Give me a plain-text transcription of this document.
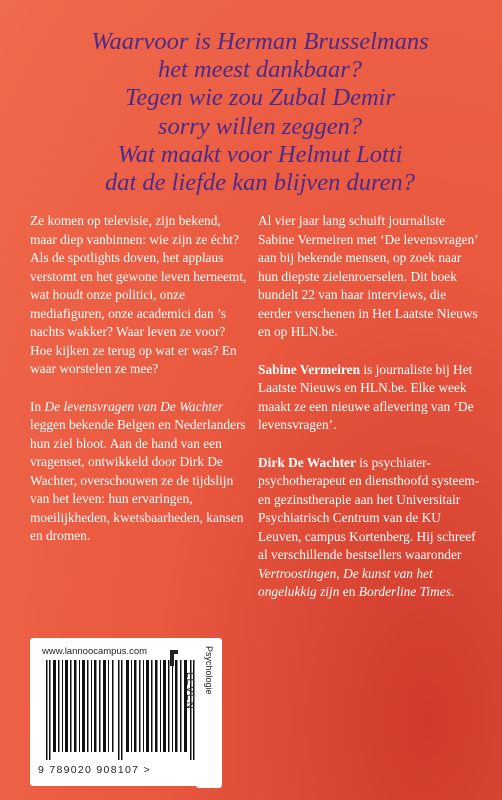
Waarvoor is Herman Brusselmans
het meest dankbaar?
Tegen wie zou Zubal Demir
sorry willen zeggen?
Wat maakt voor Helmut Lotti
dat de liefde kan blijven duren?

Ze komen op televisie, zijn bekend, maar diep vanbinnen: wie zijn ze écht? Als de spotlights doven, het applaus verstomt en het gewone leven herneemt, wat houdt onze politici, onze mediafiguren, onze academici dan ’s nachts wakker? Waar leven ze voor? Hoe kijken ze terug op wat er was? En waar worstelen ze mee?

In De levensvragen van De Wachter leggen bekende Belgen en Nederlanders hun ziel bloot. Aan de hand van een vragenset, ontwikkeld door Dirk De Wachter, overschouwen ze de tijdslijn van het leven: hun ervaringen, moeilijkheden, kwetsbaarheden, kansen en dromen.

Al vier jaar lang schuift journaliste Sabine Vermeiren met ‘De levensvragen’ aan bij bekende mensen, op zoek naar hun diepste zielenroerselen. Dit boek bundelt 22 van haar interviews, die eerder verschenen in Het Laatste Nieuws en op HLN.be.

Sabine Vermeiren is journaliste bij Het Laatste Nieuws en HLN.be. Elke week maakt ze een nieuwe aflevering van ‘De levensvragen’.

Dirk De Wachter is psychiater-psychotherapeut en diensthoofd systeem- en gezinstherapie aan het Universitair Psychiatrisch Centrum van de KU Leuven, campus Kortenberg. Hij schreef al verschillende bestsellers waaronder Vertroostingen, De kunst van het ongelukkig zijn en Borderline Times.

www.lannoocampus.com
9 789020 908107 >
LEVEN Psychologie
